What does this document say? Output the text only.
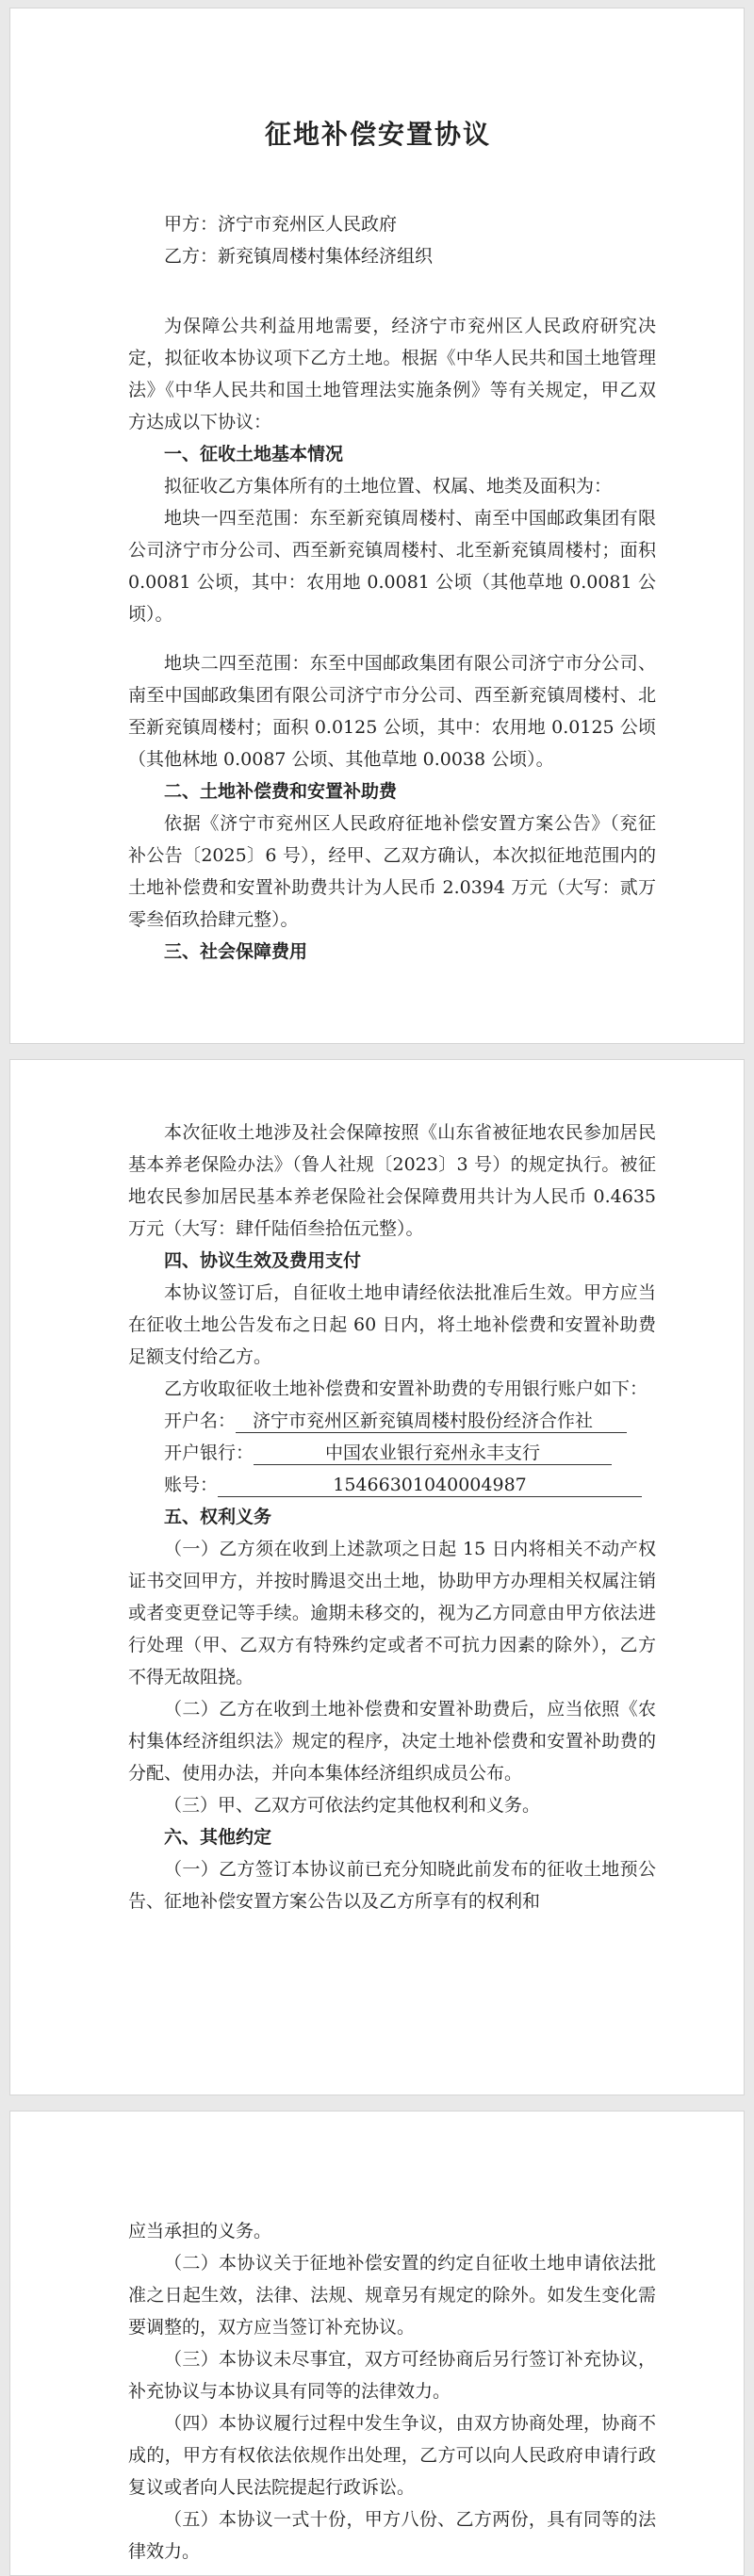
征地补偿安置协议

甲方：济宁市兖州区人民政府

乙方：新兖镇周楼村集体经济组织

为保障公共利益用地需要，经济宁市兖州区人民政府研究决定，拟征收本协议项下乙方土地。根据《中华人民共和国土地管理法》《中华人民共和国土地管理法实施条例》等有关规定，甲乙双方达成以下协议：

一、征收土地基本情况

拟征收乙方集体所有的土地位置、权属、地类及面积为：

地块一四至范围：东至新兖镇周楼村、南至中国邮政集团有限公司济宁市分公司、西至新兖镇周楼村、北至新兖镇周楼村；面积 0.0081 公顷，其中：农用地 0.0081 公顷（其他草地 0.0081 公顷）。

地块二四至范围：东至中国邮政集团有限公司济宁市分公司、南至中国邮政集团有限公司济宁市分公司、西至新兖镇周楼村、北至新兖镇周楼村；面积 0.0125 公顷，其中：农用地 0.0125 公顷（其他林地 0.0087 公顷、其他草地 0.0038 公顷）。

二、土地补偿费和安置补助费

依据《济宁市兖州区人民政府征地补偿安置方案公告》（兖征补公告〔2025〕6 号），经甲、乙双方确认，本次拟征地范围内的土地补偿费和安置补助费共计为人民币 2.0394 万元（大写：贰万零叁佰玖拾肆元整）。

三、社会保障费用

本次征收土地涉及社会保障按照《山东省被征地农民参加居民基本养老保险办法》（鲁人社规〔2023〕3 号）的规定执行。被征地农民参加居民基本养老保险社会保障费用共计为人民币 0.4635 万元（大写：肆仟陆佰叁拾伍元整）。

四、协议生效及费用支付

本协议签订后，自征收土地申请经依法批准后生效。甲方应当在征收土地公告发布之日起 60 日内，将土地补偿费和安置补助费足额支付给乙方。

乙方收取征收土地补偿费和安置补助费的专用银行账户如下：

开户名： 济宁市兖州区新兖镇周楼村股份经济合作社

开户银行：	中国农业银行兖州永丰支行

账号：	15466301040004987

五、权利义务

（一）乙方须在收到上述款项之日起 15 日内将相关不动产权证书交回甲方，并按时腾退交出土地，协助甲方办理相关权属注销或者变更登记等手续。逾期未移交的，视为乙方同意由甲方依法进行处理（甲、乙双方有特殊约定或者不可抗力因素的除外），乙方不得无故阻挠。

（二）乙方在收到土地补偿费和安置补助费后，应当依照《农村集体经济组织法》规定的程序，决定土地补偿费和安置补助费的分配、使用办法，并向本集体经济组织成员公布。

（三）甲、乙双方可依法约定其他权利和义务。

六、其他约定

（一）乙方签订本协议前已充分知晓此前发布的征收土地预公告、征地补偿安置方案公告以及乙方所享有的权利和

应当承担的义务。

（二）本协议关于征地补偿安置的约定自征收土地申请依法批准之日起生效，法律、法规、规章另有规定的除外。如发生变化需要调整的，双方应当签订补充协议。

（三）本协议未尽事宜，双方可经协商后另行签订补充协议，补充协议与本协议具有同等的法律效力。

（四）本协议履行过程中发生争议，由双方协商处理，协商不成的，甲方有权依法依规作出处理，乙方可以向人民政府申请行政复议或者向人民法院提起行政诉讼。

（五）本协议一式十份，甲方八份、乙方两份，具有同等的法律效力。
